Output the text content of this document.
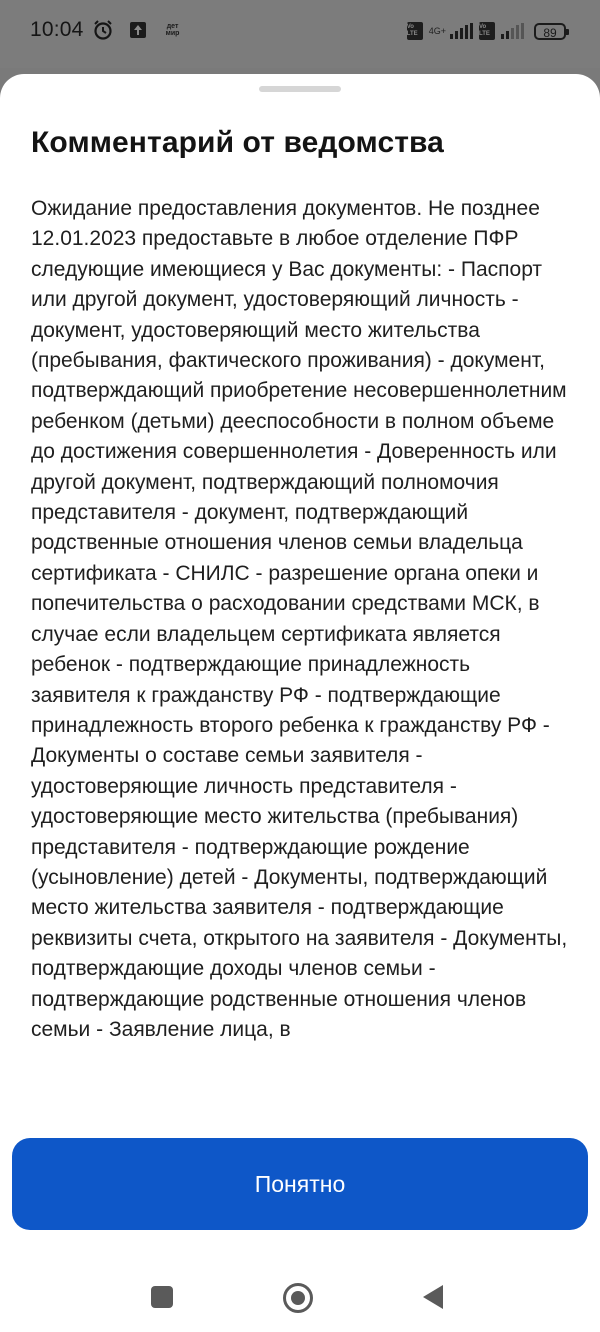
10:04	дет мир
Vo LTE	4G+	Vo LTE	89
Комментарий от ведомства

Ожидание предоставления документов. Не позднее 12.01.2023 предоставьте в любое отделение ПФР следующие имеющиеся у Вас документы: - Паспорт или другой документ, удостоверяющий личность - документ, удостоверяющий место жительства (пребывания, фактического проживания) - документ, подтверждающий приобретение несовершеннолетним ребенком (детьми) дееспособности в полном объеме до достижения совершеннолетия - Доверенность или другой документ, подтверждающий полномочия представителя - документ, подтверждающий родственные отношения членов семьи владельца сертификата - СНИЛС - разрешение органа опеки и попечительства о расходовании средствами МСК, в случае если владельцем сертификата является ребенок - подтверждающие принадлежность заявителя к гражданству РФ - подтверждающие принадлежность второго ребенка к гражданству РФ - Документы о составе семьи заявителя - удостоверяющие личность представителя - удостоверяющие место жительства (пребывания) представителя - подтверждающие рождение (усыновление) детей - Документы, подтверждающий место жительства заявителя - подтверждающие реквизиты счета, открытого на заявителя - Документы, подтверждающие доходы членов семьи - подтверждающие родственные отношения членов семьи - Заявление лица, в

Понятно
